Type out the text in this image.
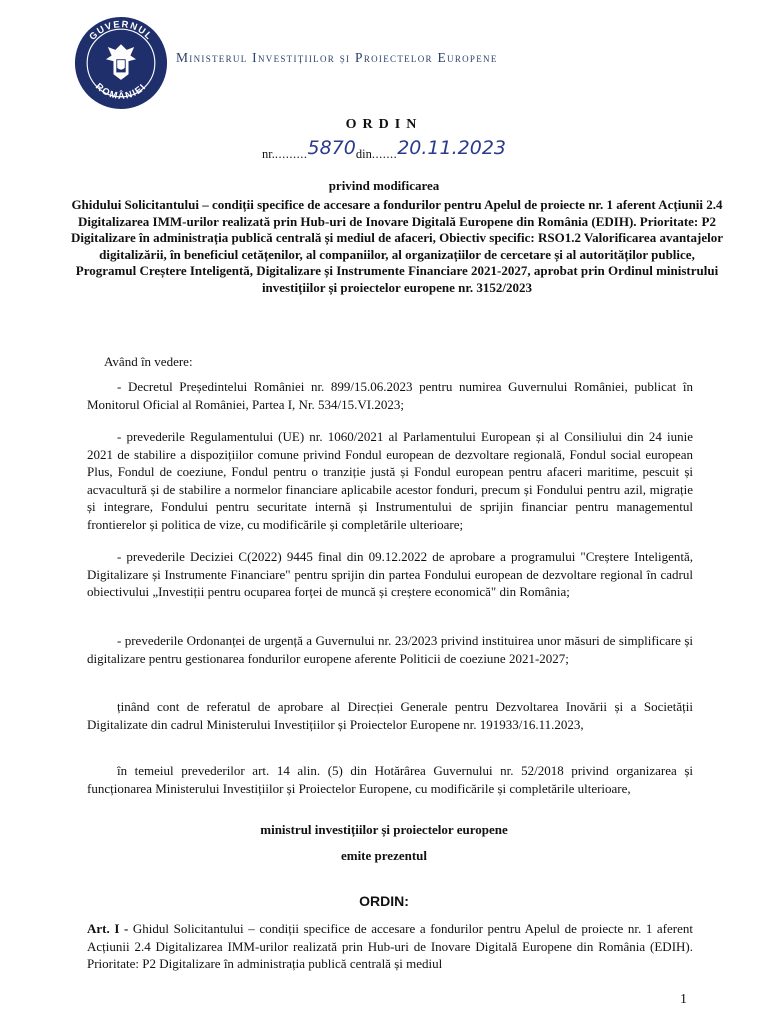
GUVERNUL
ROMÂNIEI
Ministerul Investițiilor și Proiectelor Europene
ORDIN
nr..........5870din.......20.11.2023
privind modificarea
Ghidului Solicitantului – condiții specifice de accesare a fondurilor pentru Apelul de proiecte nr. 1 aferent Acțiunii 2.4 Digitalizarea IMM-urilor realizată prin Hub-uri de Inovare Digitală Europene din România (EDIH). Prioritate: P2 Digitalizare în administrația publică centrală și mediul de afaceri, Obiectiv specific: RSO1.2 Valorificarea avantajelor digitalizării, în beneficiul cetățenilor, al companiilor, al organizațiilor de cercetare și al autorităților publice, Programul Creștere Inteligentă, Digitalizare și Instrumente Financiare 2021-2027, aprobat prin Ordinul ministrului investițiilor și proiectelor europene nr. 3152/2023
Având în vedere:
- Decretul Președintelui României nr. 899/15.06.2023 pentru numirea Guvernului României, publicat în Monitorul Oficial al României, Partea I, Nr. 534/15.VI.2023;
- prevederile Regulamentului (UE) nr. 1060/2021 al Parlamentului European și al Consiliului din 24 iunie 2021 de stabilire a dispozițiilor comune privind Fondul european de dezvoltare regională, Fondul social european Plus, Fondul de coeziune, Fondul pentru o tranziție justă și Fondul european pentru afaceri maritime, pescuit și acvacultură și de stabilire a normelor financiare aplicabile acestor fonduri, precum și Fondului pentru azil, migrație și integrare, Fondului pentru securitate internă și Instrumentului de sprijin financiar pentru managementul frontierelor și politica de vize, cu modificările și completările ulterioare;
- prevederile Deciziei C(2022) 9445 final din 09.12.2022 de aprobare a programului "Creștere Inteligentă, Digitalizare și Instrumente Financiare" pentru sprijin din partea Fondului european de dezvoltare regional în cadrul obiectivului „Investiții pentru ocuparea forței de muncă și creștere economică" din România;
- prevederile Ordonanței de urgență a Guvernului nr. 23/2023 privind instituirea unor măsuri de simplificare și digitalizare pentru gestionarea fondurilor europene aferente Politicii de coeziune 2021-2027;
ținând cont de referatul de aprobare al Direcției Generale pentru Dezvoltarea Inovării și a Societății Digitalizate din cadrul Ministerului Investițiilor și Proiectelor Europene nr. 191933/16.11.2023,
în temeiul prevederilor art. 14 alin. (5) din Hotărârea Guvernului nr. 52/2018 privind organizarea și funcționarea Ministerului Investițiilor și Proiectelor Europene, cu modificările și completările ulterioare,
ministrul investițiilor și proiectelor europene
emite prezentul
ORDIN:
Art. I - Ghidul Solicitantului – condiții specifice de accesare a fondurilor pentru Apelul de proiecte nr. 1 aferent Acțiunii 2.4 Digitalizarea IMM-urilor realizată prin Hub-uri de Inovare Digitală Europene din România (EDIH). Prioritate: P2 Digitalizare în administrația publică centrală și mediul
1
